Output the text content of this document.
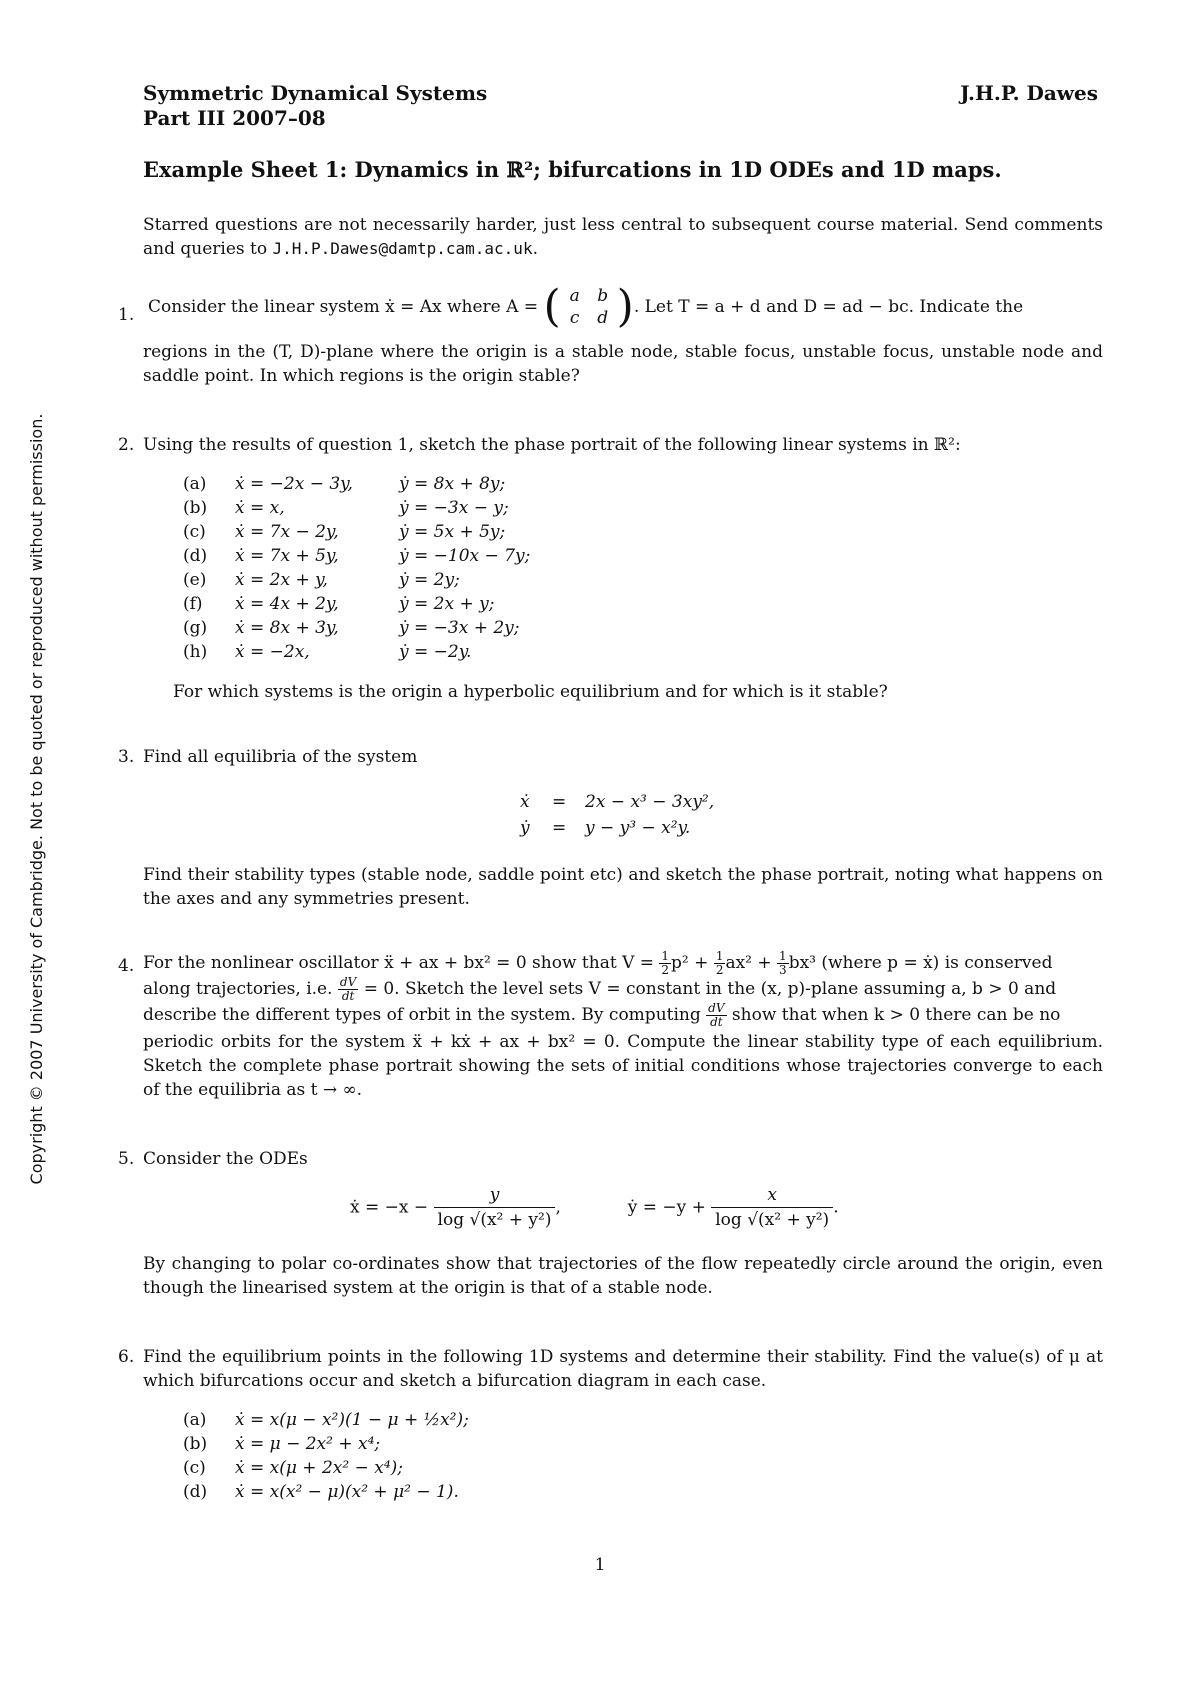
Symmetric Dynamical Systems	J.H.P. Dawes
Part III 2007–08
Example Sheet 1: Dynamics in ℝ²; bifurcations in 1D ODEs and 1D maps.
Starred questions are not necessarily harder, just less central to subsequent course material. Send comments and queries to J.H.P.Dawes@damtp.cam.ac.uk.
1. Consider the linear system ẋ = Ax where A = ( a b
c d ). Let T = a + d and D = ad − bc. Indicate the
regions in the (T, D)-plane where the origin is a stable node, stable focus, unstable focus, unstable node and saddle point. In which regions is the origin stable?
2. Using the results of question 1, sketch the phase portrait of the following linear systems in ℝ²:
(a)	ẋ = −2x − 3y,	ẏ = 8x + 8y;
(b)	ẋ = x,	ẏ = −3x − y;
(c)	ẋ = 7x − 2y,	ẏ = 5x + 5y;
(d)	ẋ = 7x + 5y,	ẏ = −10x − 7y;
(e)	ẋ = 2x + y,	ẏ = 2y;
(f)	ẋ = 4x + 2y,	ẏ = 2x + y;
(g)	ẋ = 8x + 3y,	ẏ = −3x + 2y;
(h)	ẋ = −2x,	ẏ = −2y.
For which systems is the origin a hyperbolic equilibrium and for which is it stable?
3. Find all equilibria of the system
ẋ = 2x − x³ − 3xy²,
ẏ = y − y³ − x²y.
Find their stability types (stable node, saddle point etc) and sketch the phase portrait, noting what happens on the axes and any symmetries present.
4. For the nonlinear oscillator ẍ + ax + bx² = 0 show that $V = \frac{1}{2} p^2 + \frac{1}{2} ax^2 + \frac{1}{3} bx^3$ (where p = ẋ) is conserved
along trajectories, i.e. $\frac{dV}{dt} = 0$. Sketch the level sets V = constant in the (x, p)-plane assuming a, b > 0 and
describe the different types of orbit in the system. By computing $\frac{dV}{dt}$ show that when k > 0 there can be no
periodic orbits for the system ẍ + kẋ + ax + bx² = 0. Compute the linear stability type of each equilibrium. Sketch the complete phase portrait showing the sets of initial conditions whose trajectories converge to each of the equilibria as t → ∞.
5. Consider the ODEs
ẋ = $-x - \frac{y}{\text{log √(x² + y²)}}$ ,	ẏ = $-y + \frac{x}{\text{log √(x² + y²)}}$ .
By changing to polar co-ordinates show that trajectories of the flow repeatedly circle around the origin, even though the linearised system at the origin is that of a stable node.
6. Find the equilibrium points in the following 1D systems and determine their stability. Find the value(s) of μ at which bifurcations occur and sketch a bifurcation diagram in each case.
(a)	ẋ = x(μ − x²)(1 − μ + ½x²);
(b)	ẋ = μ − 2x² + x⁴;
(c)	ẋ = x(μ + 2x² − x⁴);
(d)	ẋ = x(x² − μ)(x² + μ² − 1).
Copyright © 2007 University of Cambridge. Not to be quoted or reproduced without permission.
1
